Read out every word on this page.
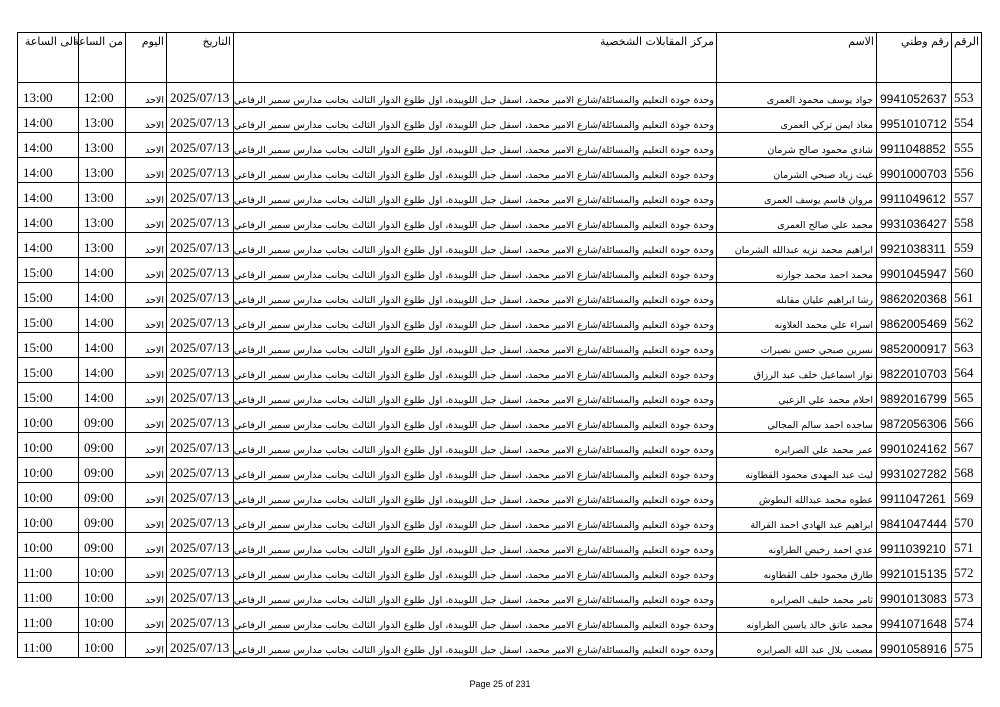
الرقم	رقم وطني	الاسم	مركز المقابلات الشخصية	التاريخ	اليوم	من الساعة	الى الساعة
553	9941052637	جواد يوسف محمود العمرى	وحدة جودة التعليم والمسائلة/شارع الامير محمد، اسفل جبل اللويبدة، اول طلوع الدوار الثالث بجانب مدارس سمير الرفاعي	2025/07/13	الاحد	12:00	13:00
554	9951010712	معاذ ايمن تركي العمرى	وحدة جودة التعليم والمسائلة/شارع الامير محمد، اسفل جبل اللويبدة، اول طلوع الدوار الثالث بجانب مدارس سمير الرفاعي	2025/07/13	الاحد	13:00	14:00
555	9911048852	شادي محمود صالح شرمان	وحدة جودة التعليم والمسائلة/شارع الامير محمد، اسفل جبل اللويبدة، اول طلوع الدوار الثالث بجانب مدارس سمير الرفاعي	2025/07/13	الاحد	13:00	14:00
556	9901000703	غيث زياد صبحي الشرمان	وحدة جودة التعليم والمسائلة/شارع الامير محمد، اسفل جبل اللويبدة، اول طلوع الدوار الثالث بجانب مدارس سمير الرفاعي	2025/07/13	الاحد	13:00	14:00
557	9911049612	مروان قاسم يوسف العمرى	وحدة جودة التعليم والمسائلة/شارع الامير محمد، اسفل جبل اللويبدة، اول طلوع الدوار الثالث بجانب مدارس سمير الرفاعي	2025/07/13	الاحد	13:00	14:00
558	9931036427	محمد علي صالح العمرى	وحدة جودة التعليم والمسائلة/شارع الامير محمد، اسفل جبل اللويبدة، اول طلوع الدوار الثالث بجانب مدارس سمير الرفاعي	2025/07/13	الاحد	13:00	14:00
559	9921038311	ابراهيم محمد نزيه عبدالله الشرمان	وحدة جودة التعليم والمسائلة/شارع الامير محمد، اسفل جبل اللويبدة، اول طلوع الدوار الثالث بجانب مدارس سمير الرفاعي	2025/07/13	الاحد	13:00	14:00
560	9901045947	محمد احمد محمد جوارنه	وحدة جودة التعليم والمسائلة/شارع الامير محمد، اسفل جبل اللويبدة، اول طلوع الدوار الثالث بجانب مدارس سمير الرفاعي	2025/07/13	الاحد	14:00	15:00
561	9862020368	رشا ابراهيم عليان مقابله	وحدة جودة التعليم والمسائلة/شارع الامير محمد، اسفل جبل اللويبدة، اول طلوع الدوار الثالث بجانب مدارس سمير الرفاعي	2025/07/13	الاحد	14:00	15:00
562	9862005469	اسراء علي محمد العلاونه	وحدة جودة التعليم والمسائلة/شارع الامير محمد، اسفل جبل اللويبدة، اول طلوع الدوار الثالث بجانب مدارس سمير الرفاعي	2025/07/13	الاحد	14:00	15:00
563	9852000917	نسرين صبحي حسن نصيرات	وحدة جودة التعليم والمسائلة/شارع الامير محمد، اسفل جبل اللويبدة، اول طلوع الدوار الثالث بجانب مدارس سمير الرفاعي	2025/07/13	الاحد	14:00	15:00
564	9822010703	نوار اسماعيل خلف عبد الرزاق	وحدة جودة التعليم والمسائلة/شارع الامير محمد، اسفل جبل اللويبدة، اول طلوع الدوار الثالث بجانب مدارس سمير الرفاعي	2025/07/13	الاحد	14:00	15:00
565	9892016799	احلام محمد علي الزعبي	وحدة جودة التعليم والمسائلة/شارع الامير محمد، اسفل جبل اللويبدة، اول طلوع الدوار الثالث بجانب مدارس سمير الرفاعي	2025/07/13	الاحد	14:00	15:00
566	9872056306	ساجده احمد سالم المجالي	وحدة جودة التعليم والمسائلة/شارع الامير محمد، اسفل جبل اللويبدة، اول طلوع الدوار الثالث بجانب مدارس سمير الرفاعي	2025/07/13	الاحد	09:00	10:00
567	9901024162	عمر محمد علي الصرايره	وحدة جودة التعليم والمسائلة/شارع الامير محمد، اسفل جبل اللويبدة، اول طلوع الدوار الثالث بجانب مدارس سمير الرفاعي	2025/07/13	الاحد	09:00	10:00
568	9931027282	ليث عبد المهدى محمود القطاونه	وحدة جودة التعليم والمسائلة/شارع الامير محمد، اسفل جبل اللويبدة، اول طلوع الدوار الثالث بجانب مدارس سمير الرفاعي	2025/07/13	الاحد	09:00	10:00
569	9911047261	عطوه محمد عبدالله البطوش	وحدة جودة التعليم والمسائلة/شارع الامير محمد، اسفل جبل اللويبدة، اول طلوع الدوار الثالث بجانب مدارس سمير الرفاعي	2025/07/13	الاحد	09:00	10:00
570	9841047444	ابراهيم عبد الهادي احمد القرالة	وحدة جودة التعليم والمسائلة/شارع الامير محمد، اسفل جبل اللويبدة، اول طلوع الدوار الثالث بجانب مدارس سمير الرفاعي	2025/07/13	الاحد	09:00	10:00
571	9911039210	عدي احمد رخيص الطراونه	وحدة جودة التعليم والمسائلة/شارع الامير محمد، اسفل جبل اللويبدة، اول طلوع الدوار الثالث بجانب مدارس سمير الرفاعي	2025/07/13	الاحد	09:00	10:00
572	9921015135	طارق محمود خلف القطاونه	وحدة جودة التعليم والمسائلة/شارع الامير محمد، اسفل جبل اللويبدة، اول طلوع الدوار الثالث بجانب مدارس سمير الرفاعي	2025/07/13	الاحد	10:00	11:00
573	9901013083	ثامر محمد خليف الصرايره	وحدة جودة التعليم والمسائلة/شارع الامير محمد، اسفل جبل اللويبدة، اول طلوع الدوار الثالث بجانب مدارس سمير الرفاعي	2025/07/13	الاحد	10:00	11:00
574	9941071648	محمد عاتق خالد ياسين الطراونه	وحدة جودة التعليم والمسائلة/شارع الامير محمد، اسفل جبل اللويبدة، اول طلوع الدوار الثالث بجانب مدارس سمير الرفاعي	2025/07/13	الاحد	10:00	11:00
575	9901058916	مصعب بلال عبد الله الصرايره	وحدة جودة التعليم والمسائلة/شارع الامير محمد، اسفل جبل اللويبدة، اول طلوع الدوار الثالث بجانب مدارس سمير الرفاعي	2025/07/13	الاحد	10:00	11:00
Page 25 of 231
